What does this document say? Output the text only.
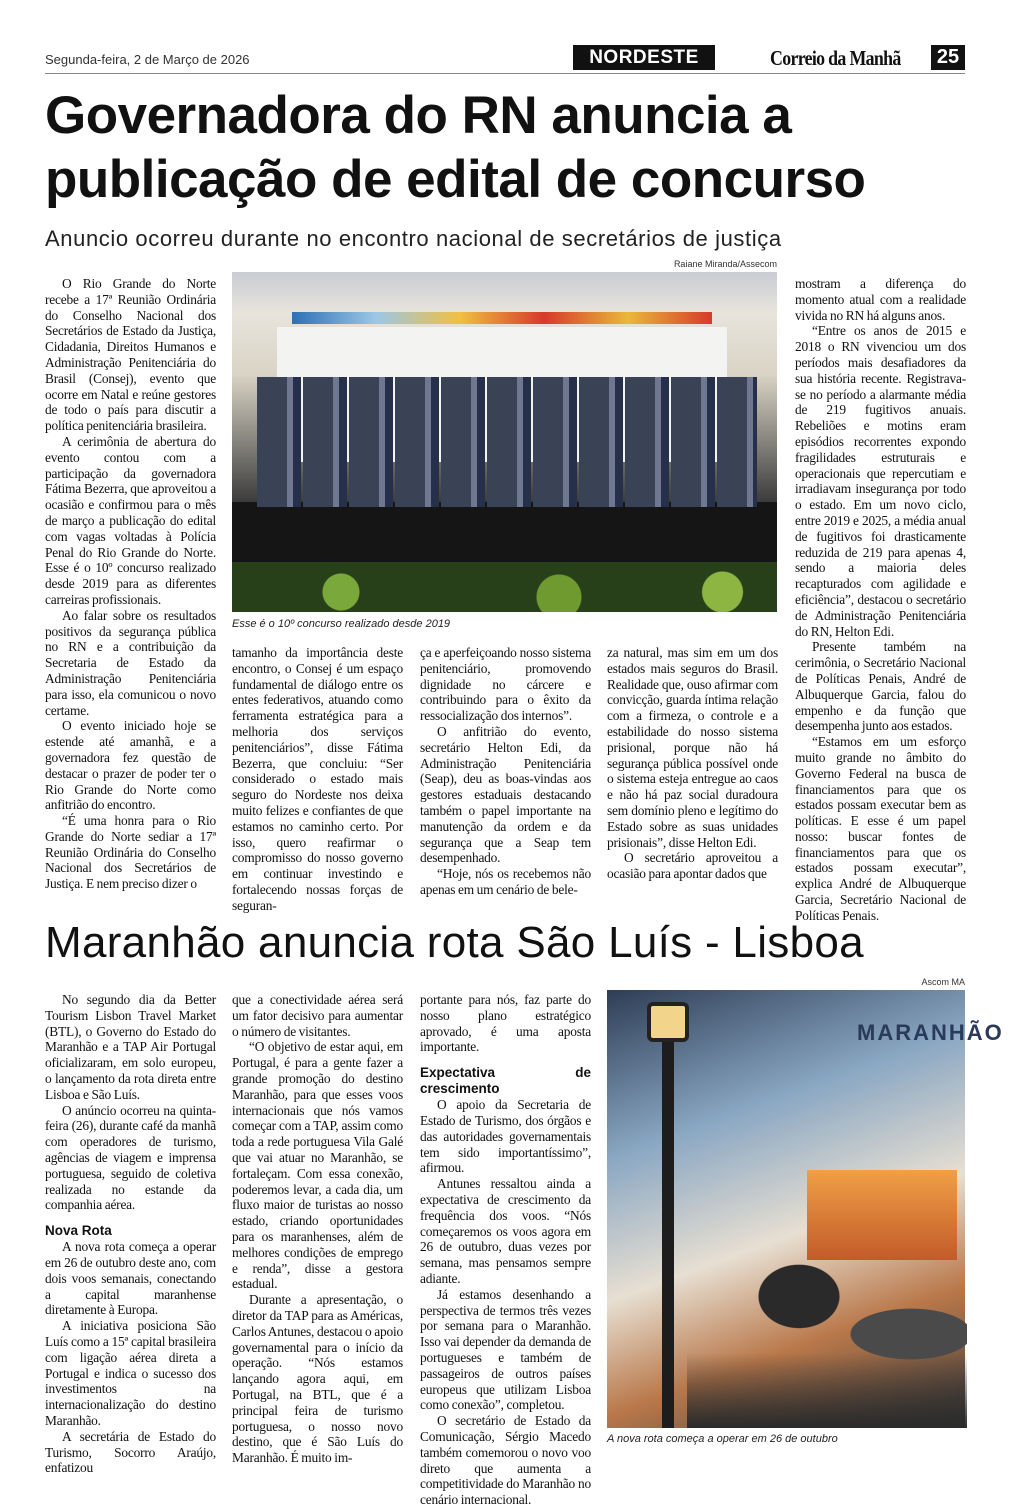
Segunda-feira, 2 de Março de 2026	NORDESTE	Correio da Manhã 25
Governadora do RN anuncia a publicação de edital de concurso
Anuncio ocorreu durante no encontro nacional de secretários de justiça
Raiane Miranda/Assecom
Esse é o 10º concurso realizado desde 2019

O Rio Grande do Norte recebe a 17ª Reunião Ordinária do Conselho Nacional dos Secretários de Estado da Justiça, Cidadania, Direitos Humanos e Administração Penitenciária do Brasil (Consej), evento que ocorre em Natal e reúne gestores de todo o país para discutir a política penitenciária brasileira.

A cerimônia de abertura do evento contou com a participação da governadora Fátima Bezerra, que aproveitou a ocasião e confirmou para o mês de março a publicação do edital com vagas voltadas à Polícia Penal do Rio Grande do Norte. Esse é o 10º concurso realizado desde 2019 para as diferentes carreiras profissionais.

Ao falar sobre os resultados positivos da segurança pública no RN e a contribuição da Secretaria de Estado da Administração Penitenciária para isso, ela comunicou o novo certame.

O evento iniciado hoje se estende até amanhã, e a governadora fez questão de destacar o prazer de poder ter o Rio Grande do Norte como anfitrião do encontro.

“É uma honra para o Rio Grande do Norte sediar a 17ª Reunião Ordinária do Conselho Nacional dos Secretários de Justiça. E nem preciso dizer o

tamanho da importância deste encontro, o Consej é um espaço fundamental de diálogo entre os entes federativos, atuando como ferramenta estratégica para a melhoria dos serviços penitenciários”, disse Fátima Bezerra, que concluiu: “Ser considerado o estado mais seguro do Nordeste nos deixa muito felizes e confiantes de que estamos no caminho certo. Por isso, quero reafirmar o compromisso do nosso governo em continuar investindo e fortalecendo nossas forças de seguran-

ça e aperfeiçoando nosso sistema penitenciário, promovendo dignidade no cárcere e contribuindo para o êxito da ressocialização dos internos”.

O anfitrião do evento, secretário Helton Edi, da Administração Penitenciária (Seap), deu as boas-vindas aos gestores estaduais destacando também o papel importante na manutenção da ordem e da segurança que a Seap tem desempenhado.

“Hoje, nós os recebemos não apenas em um cenário de bele-

za natural, mas sim em um dos estados mais seguros do Brasil. Realidade que, ouso afirmar com convicção, guarda íntima relação com a firmeza, o controle e a estabilidade do nosso sistema prisional, porque não há segurança pública possível onde o sistema esteja entregue ao caos e não há paz social duradoura sem domínio pleno e legítimo do Estado sobre as suas unidades prisionais”, disse Helton Edi.

O secretário aproveitou a ocasião para apontar dados que

mostram a diferença do momento atual com a realidade vivida no RN há alguns anos.

“Entre os anos de 2015 e 2018 o RN vivenciou um dos períodos mais desafiadores da sua história recente. Registrava-se no período a alarmante média de 219 fugitivos anuais. Rebeliões e motins eram episódios recorrentes expondo fragilidades estruturais e operacionais que repercutiam e irradiavam insegurança por todo o estado. Em um novo ciclo, entre 2019 e 2025, a média anual de fugitivos foi drasticamente reduzida de 219 para apenas 4, sendo a maioria deles recapturados com agilidade e eficiência”, destacou o secretário de Administração Penitenciária do RN, Helton Edi.

Presente também na cerimônia, o Secretário Nacional de Políticas Penais, André de Albuquerque Garcia, falou do empenho e da função que desempenha junto aos estados.

“Estamos em um esforço muito grande no âmbito do Governo Federal na busca de financiamentos para que os estados possam executar bem as políticas. E esse é um papel nosso: buscar fontes de financiamentos para que os estados possam executar”, explica André de Albuquerque Garcia, Secretário Nacional de Políticas Penais.

Maranhão anuncia rota São Luís - Lisboa
Ascom MA

No segundo dia da Better Tourism Lisbon Travel Market (BTL), o Governo do Estado do Maranhão e a TAP Air Portugal oficializaram, em solo europeu, o lançamento da rota direta entre Lisboa e São Luís.

O anúncio ocorreu na quinta-feira (26), durante café da manhã com operadores de turismo, agências de viagem e imprensa portuguesa, seguido de coletiva realizada no estande da companhia aérea.

Nova Rota

A nova rota começa a operar em 26 de outubro deste ano, com dois voos semanais, conectando a capital maranhense diretamente à Europa.

A iniciativa posiciona São Luís como a 15ª capital brasileira com ligação aérea direta a Portugal e indica o sucesso dos investimentos na internacionalização do destino Maranhão.

A secretária de Estado do Turismo, Socorro Araújo, enfatizou

que a conectividade aérea será um fator decisivo para aumentar o número de visitantes.

“O objetivo de estar aqui, em Portugal, é para a gente fazer a grande promoção do destino Maranhão, para que esses voos internacionais que nós vamos começar com a TAP, assim como toda a rede portuguesa Vila Galé que vai atuar no Maranhão, se fortaleçam. Com essa conexão, poderemos levar, a cada dia, um fluxo maior de turistas ao nosso estado, criando oportunidades para os maranhenses, além de melhores condições de emprego e renda”, disse a gestora estadual.

Durante a apresentação, o diretor da TAP para as Américas, Carlos Antunes, destacou o apoio governamental para o início da operação. “Nós estamos lançando agora aqui, em Portugal, na BTL, que é a principal feira de turismo portuguesa, o nosso novo destino, que é São Luís do Maranhão. É muito im-

portante para nós, faz parte do nosso plano estratégico aprovado, é uma aposta importante.

Expectativa de crescimento

O apoio da Secretaria de Estado de Turismo, dos órgãos e das autoridades governamentais tem sido importantíssimo”, afirmou.

Antunes ressaltou ainda a expectativa de crescimento da frequência dos voos. “Nós começaremos os voos agora em 26 de outubro, duas vezes por semana, mas pensamos sempre adiante.

Já estamos desenhando a perspectiva de termos três vezes por semana para o Maranhão. Isso vai depender da demanda de portugueses e também de passageiros de outros países europeus que utilizam Lisboa como conexão”, completou.

O secretário de Estado da Comunicação, Sérgio Macedo também comemorou o novo voo direto que aumenta a competitividade do Maranhão no cenário internacional.

MARANHÃO
A nova rota começa a operar em 26 de outubro
